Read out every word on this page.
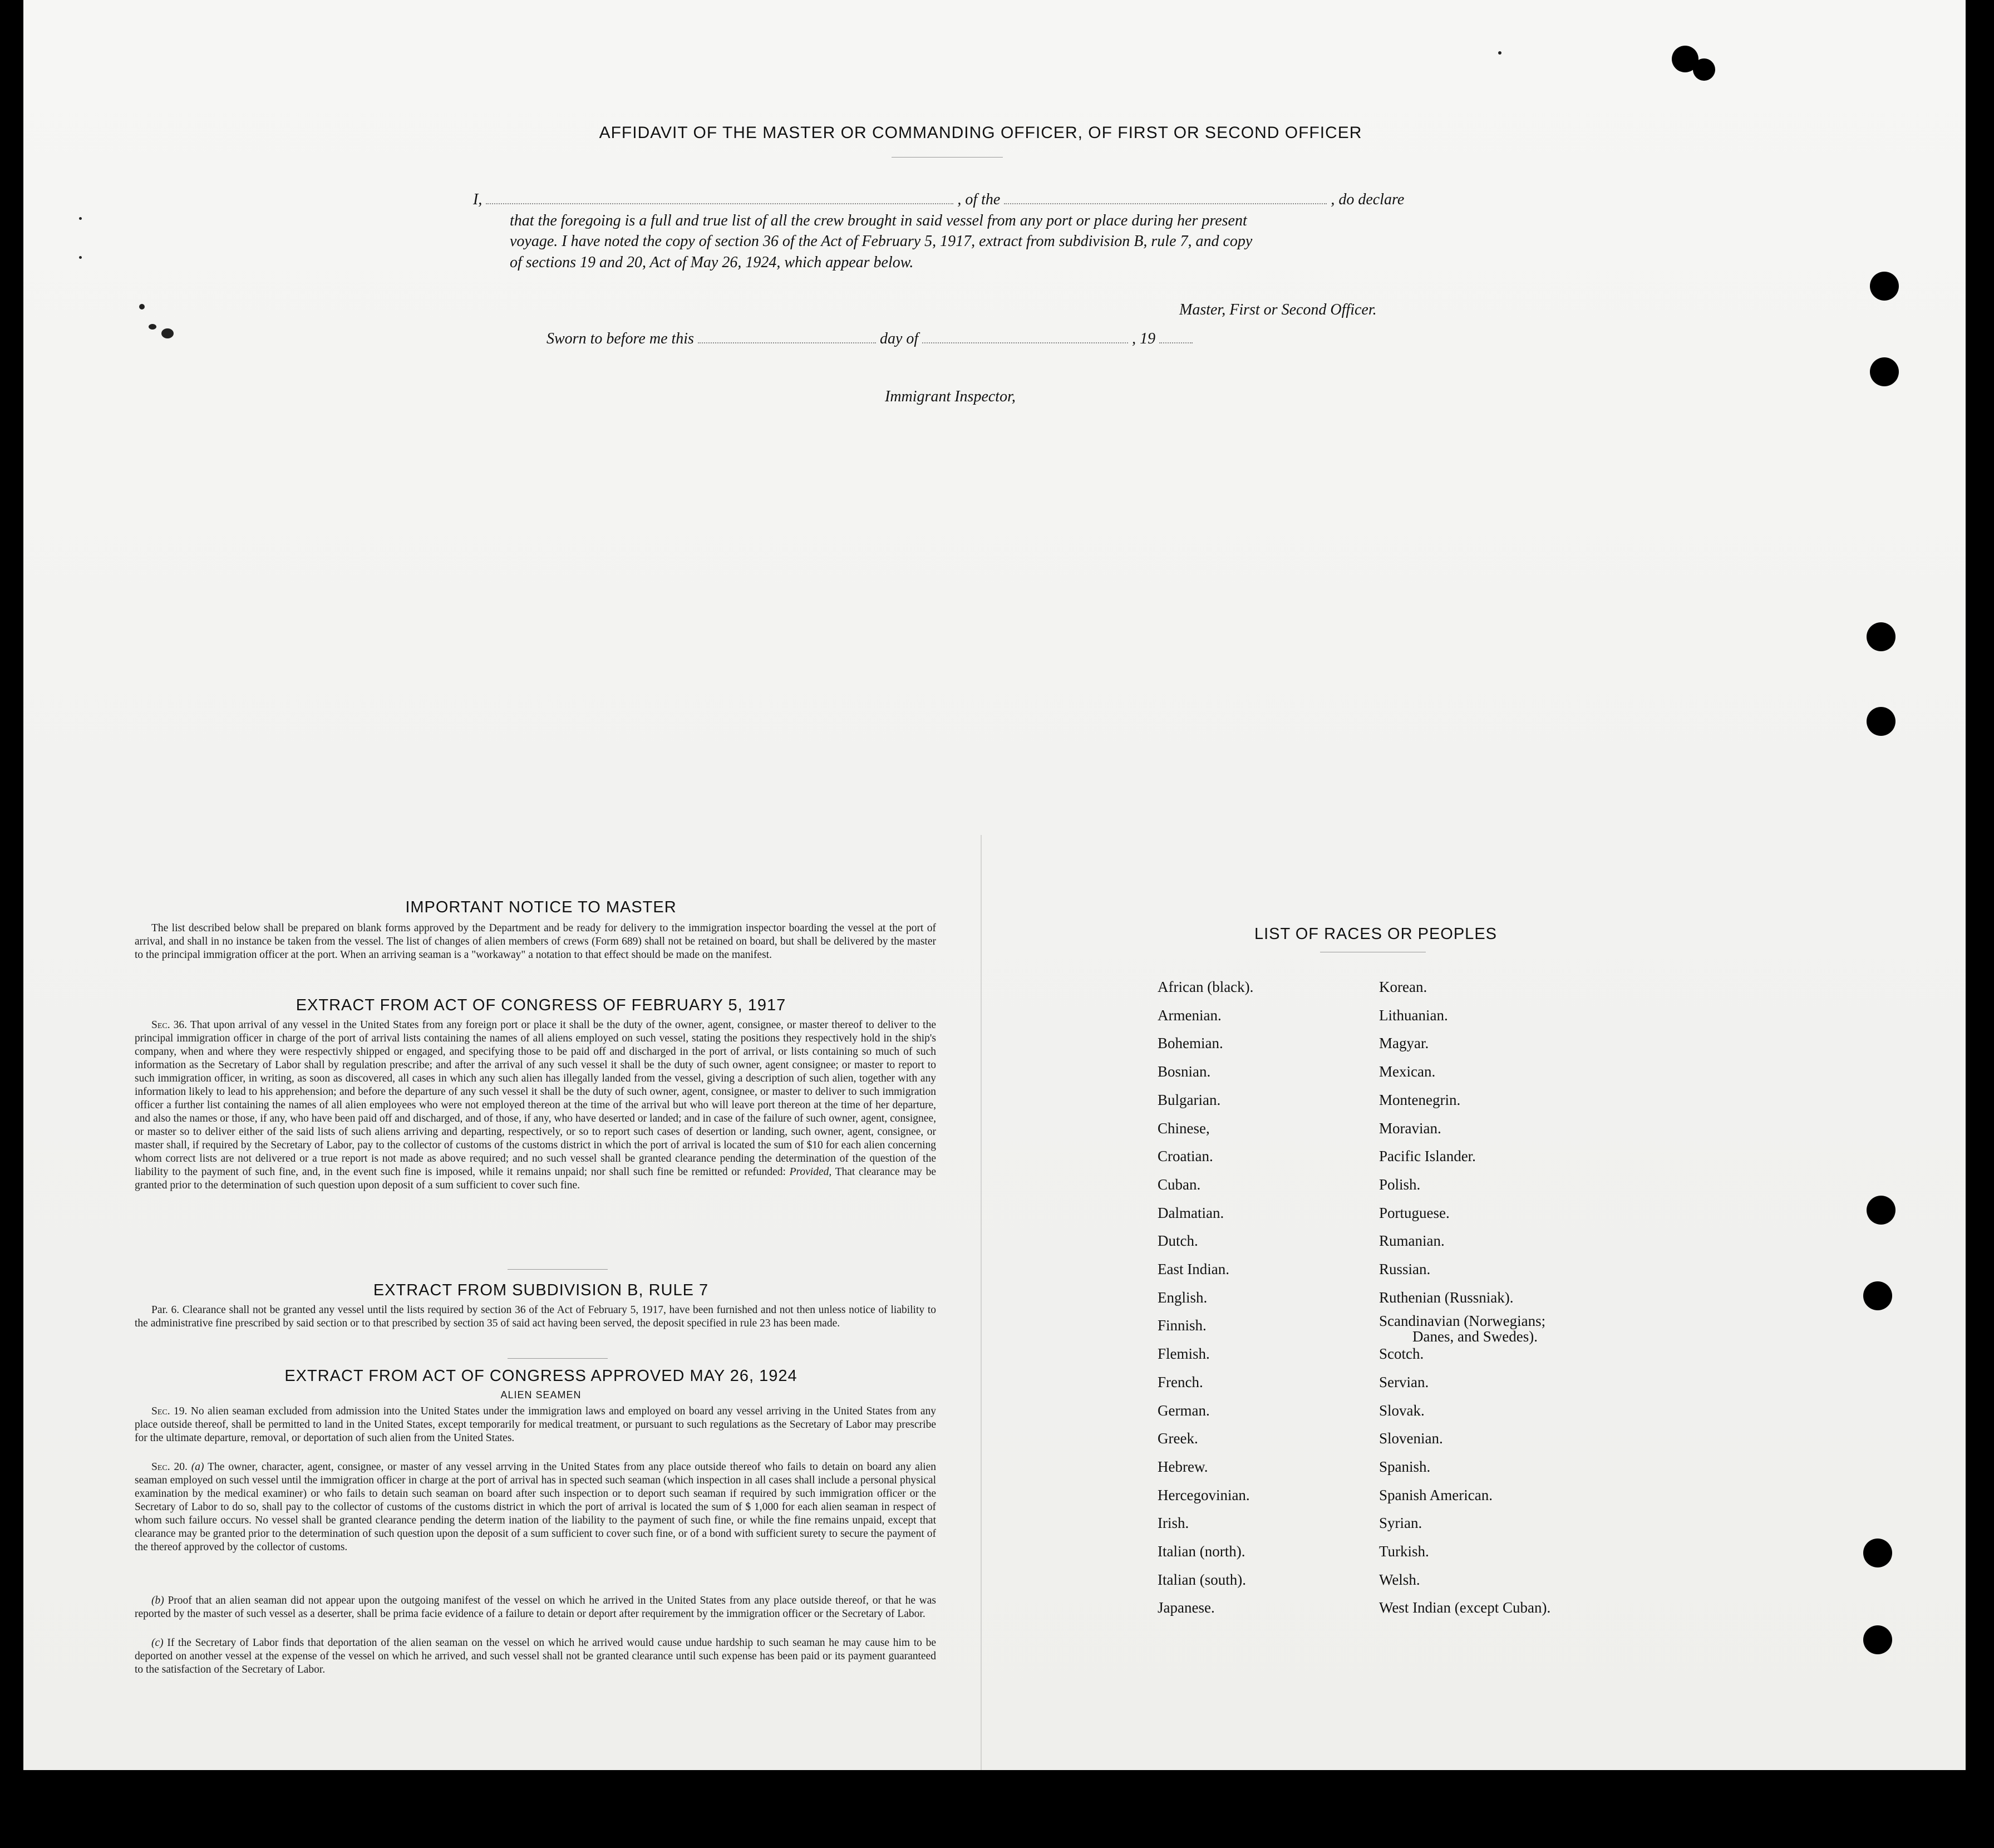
AFFIDAVIT OF THE MASTER OR COMMANDING OFFICER, OF FIRST OR SECOND OFFICER
I,	, of the	, do declare
that the foregoing is a full and true list of all the crew brought in said vessel from any port or place during her present
voyage. I have noted the copy of section 36 of the Act of February 5, 1917, extract from subdivision B, rule 7, and copy
of sections 19 and 20, Act of May 26, 1924, which appear below.
Master, First or Second Officer.
Sworn to before me this	day of	, 19
Immigrant Inspector,
IMPORTANT NOTICE TO MASTER

The list described below shall be prepared on blank forms approved by the Department and be ready for delivery to the immigration inspector boarding the vessel at the port of arrival, and shall in no instance be taken from the vessel. The list of changes of alien members of crews (Form 689) shall not be retained on board, but shall be delivered by the master to the principal immigration officer at the port. When an arriving seaman is a "workaway" a notation to that effect should be made on the manifest.

EXTRACT FROM ACT OF CONGRESS OF FEBRUARY 5, 1917

Sec. 36. That upon arrival of any vessel in the United States from any foreign port or place it shall be the duty of the owner, agent, consignee, or master thereof to deliver to the principal immigration officer in charge of the port of arrival lists containing the names of all aliens employed on such vessel, stating the positions they respectively hold in the ship's company, when and where they were respectivly shipped or engaged, and specifying those to be paid off and discharged in the port of arrival, or lists containing so much of such information as the Secretary of Labor shall by regulation prescribe; and after the arrival of any such vessel it shall be the duty of such owner, agent consignee; or master to report to such immigration officer, in writing, as soon as discovered, all cases in which any such alien has illegally landed from the vessel, giving a description of such alien, together with any information likely to lead to his apprehension; and before the departure of any such vessel it shall be the duty of such owner, agent, consignee, or master to deliver to such immigration officer a further list containing the names of all alien employees who were not employed thereon at the time of the arrival but who will leave port thereon at the time of her departure, and also the names or those, if any, who have been paid off and discharged, and of those, if any, who have deserted or landed; and in case of the failure of such owner, agent, consignee, or master so to deliver either of the said lists of such aliens arriving and departing, respectively, or so to report such cases of desertion or landing, such owner, agent, consignee, or master shall, if required by the Secretary of Labor, pay to the collector of customs of the customs district in which the port of arrival is located the sum of $10 for each alien concerning whom correct lists are not delivered or a true report is not made as above required; and no such vessel shall be granted clearance pending the determination of the question of the liability to the payment of such fine, and, in the event such fine is imposed, while it remains unpaid; nor shall such fine be remitted or refunded: Provided, That clearance may be granted prior to the determination of such question upon deposit of a sum sufficient to cover such fine.

EXTRACT FROM SUBDIVISION B, RULE 7

Par. 6. Clearance shall not be granted any vessel until the lists required by section 36 of the Act of February 5, 1917, have been furnished and not then unless notice of liability to the administrative fine prescribed by said section or to that prescribed by section 35 of said act having been served, the deposit specified in rule 23 has been made.

EXTRACT FROM ACT OF CONGRESS APPROVED MAY 26, 1924
ALIEN SEAMEN

Sec. 19. No alien seaman excluded from admission into the United States under the immigration laws and employed on board any vessel arriving in the United States from any place outside thereof, shall be permitted to land in the United States, except temporarily for medical treatment, or pursuant to such regulations as the Secretary of Labor may prescribe for the ultimate departure, removal, or deportation of such alien from the United States.

Sec. 20. (a) The owner, character, agent, consignee, or master of any vessel arrving in the United States from any place outside thereof who fails to detain on board any alien seaman employed on such vessel until the immigration officer in charge at the port of arrival has in spected such seaman (which inspection in all cases shall include a personal physical examination by the medical examiner) or who fails to detain such seaman on board after such inspection or to deport such seaman if required by such immigration officer or the Secretary of Labor to do so, shall pay to the collector of customs of the customs district in which the port of arrival is located the sum of $ 1,000 for each alien seaman in respect of whom such failure occurs. No vessel shall be granted clearance pending the determ ination of the liability to the payment of such fine, or while the fine remains unpaid, except that clearance may be granted prior to the determination of such question upon the deposit of a sum sufficient to cover such fine, or of a bond with sufficient surety to secure the payment of the thereof approved by the collector of customs.

(b) Proof that an alien seaman did not appear upon the outgoing manifest of the vessel on which he arrived in the United States from any place outside thereof, or that he was reported by the master of such vessel as a deserter, shall be prima facie evidence of a failure to detain or deport after requirement by the immigration officer or the Secretary of Labor.

(c) If the Secretary of Labor finds that deportation of the alien seaman on the vessel on which he arrived would cause undue hardship to such seaman he may cause him to be deported on another vessel at the expense of the vessel on which he arrived, and such vessel shall not be granted clearance until such expense has been paid or its payment guaranteed to the satisfaction of the Secretary of Labor.

LIST OF RACES OR PEOPLES
African (black).
Armenian.
Bohemian.
Bosnian.
Bulgarian.
Chinese,
Croatian.
Cuban.
Dalmatian.
Dutch.
East Indian.
English.
Finnish.
Flemish.
French.
German.
Greek.
Hebrew.
Hercegovinian.
Irish.
Italian (north).
Italian (south).
Japanese.
Korean.
Lithuanian.
Magyar.
Mexican.
Montenegrin.
Moravian.
Pacific Islander.
Polish.
Portuguese.
Rumanian.
Russian.
Ruthenian (Russniak).
Scandinavian (Norwegians;
Scotch.
Servian.
Slovak.
Slovenian.
Spanish.
Spanish American.
Syrian.
Turkish.
Welsh.
West Indian (except Cuban).
Danes, and Swedes).
